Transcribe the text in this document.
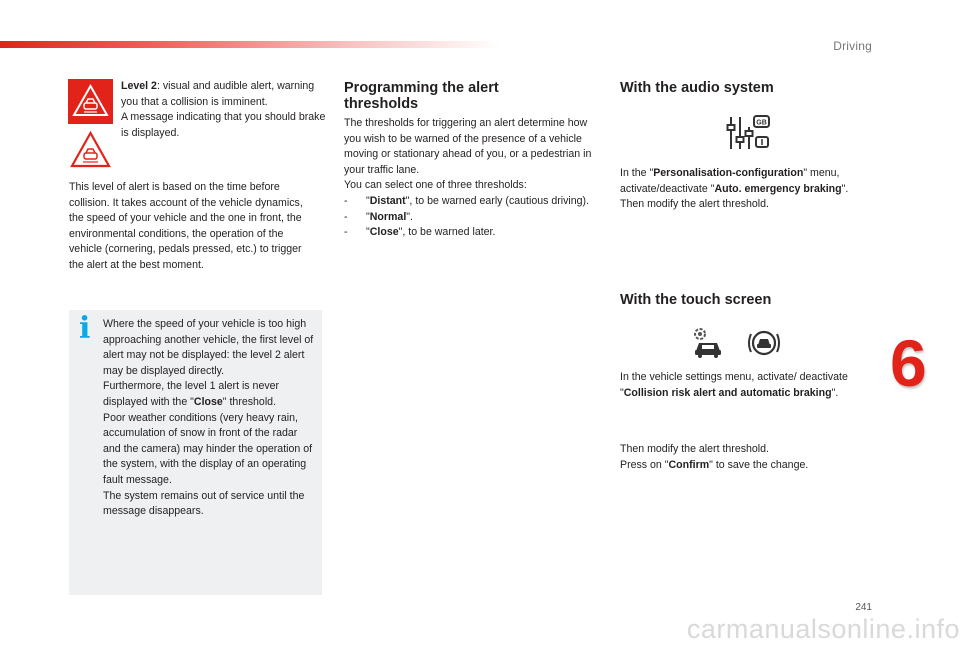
Driving
6

Level 2: visual and audible alert, warning you that a collision is imminent.

A message indicating that you should brake is displayed.

This level of alert is based on the time before collision. It takes account of the vehicle dynamics, the speed of your vehicle and the one in front, the environmental conditions, the operation of the vehicle (cornering, pedals pressed, etc.) to trigger the alert at the best moment.
i Where the speed of your vehicle is too high approaching another vehicle, the first level of alert may not be displayed: the level 2 alert may be displayed directly.

Furthermore, the level 1 alert is never displayed with the "Close" threshold.

Poor weather conditions (very heavy rain, accumulation of snow in front of the radar and the camera) may hinder the operation of the system, with the display of an operating fault message.

The system remains out of service until the message disappears.

Programming the alert thresholds

The thresholds for triggering an alert determine how you wish to be warned of the presence of a vehicle moving or stationary ahead of you, or a pedestrian in your traffic lane.

You can select one of three thresholds:

- "Distant", to be warned early (cautious driving).
- "Normal".
- "Close", to be warned later.
With the audio system
GB

In the "Personalisation-configuration" menu, activate/deactivate "Auto. emergency braking".

Then modify the alert threshold.

With the touch screen

In the vehicle settings menu, activate/ deactivate "Collision risk alert and automatic braking".

Then modify the alert threshold.

Press on "Confirm" to save the change.

241
carmanualsonline.info
